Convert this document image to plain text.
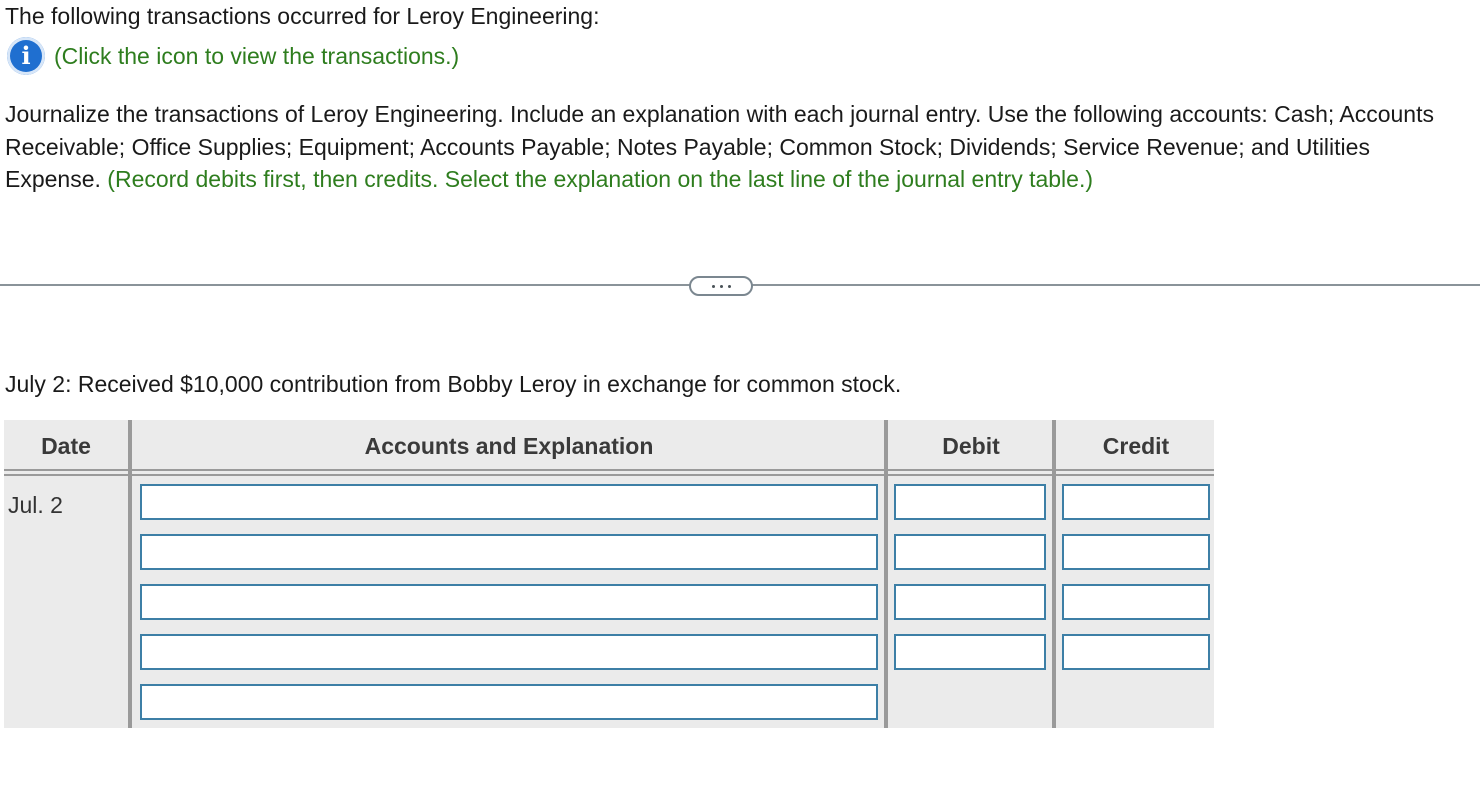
The following transactions occurred for Leroy Engineering:
i (Click the icon to view the transactions.)
Journalize the transactions of Leroy Engineering. Include an explanation with each journal entry. Use the following accounts: Cash; Accounts Receivable; Office Supplies; Equipment; Accounts Payable; Notes Payable; Common Stock; Dividends; Service Revenue; and Utilities Expense. (Record debits first, then credits. Select the explanation on the last line of the journal entry table.)
July 2: Received $10,000 contribution from Bobby Leroy in exchange for common stock.
Date	Accounts and Explanation	Debit	Credit
Jul. 2
